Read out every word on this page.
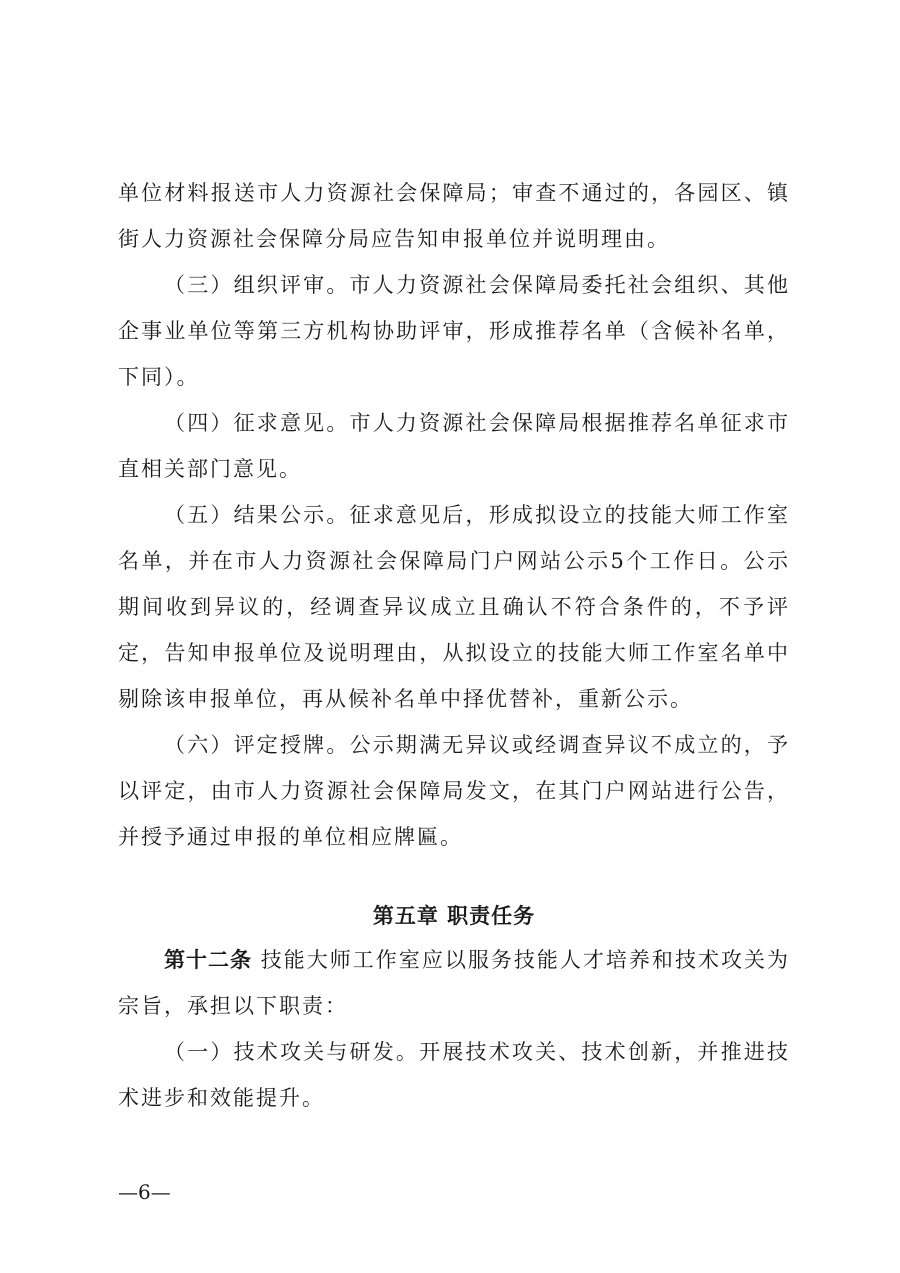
单位材料报送市人力资源社会保障局；审查不通过的，各园区、镇街人力资源社会保障分局应告知申报单位并说明理由。

（三）组织评审。市人力资源社会保障局委托社会组织、其他企事业单位等第三方机构协助评审，形成推荐名单（含候补名单，下同）。

（四）征求意见。市人力资源社会保障局根据推荐名单征求市直相关部门意见。

（五）结果公示。征求意见后，形成拟设立的技能大师工作室名单，并在市人力资源社会保障局门户网站公示5个工作日。公示期间收到异议的，经调查异议成立且确认不符合条件的，不予评定，告知申报单位及说明理由，从拟设立的技能大师工作室名单中剔除该申报单位，再从候补名单中择优替补，重新公示。

（六）评定授牌。公示期满无异议或经调查异议不成立的，予以评定，由市人力资源社会保障局发文，在其门户网站进行公告，并授予通过申报的单位相应牌匾。

第五章 职责任务

第十二条 技能大师工作室应以服务技能人才培养和技术攻关为宗旨，承担以下职责：

（一）技术攻关与研发。开展技术攻关、技术创新，并推进技术进步和效能提升。

—6—
